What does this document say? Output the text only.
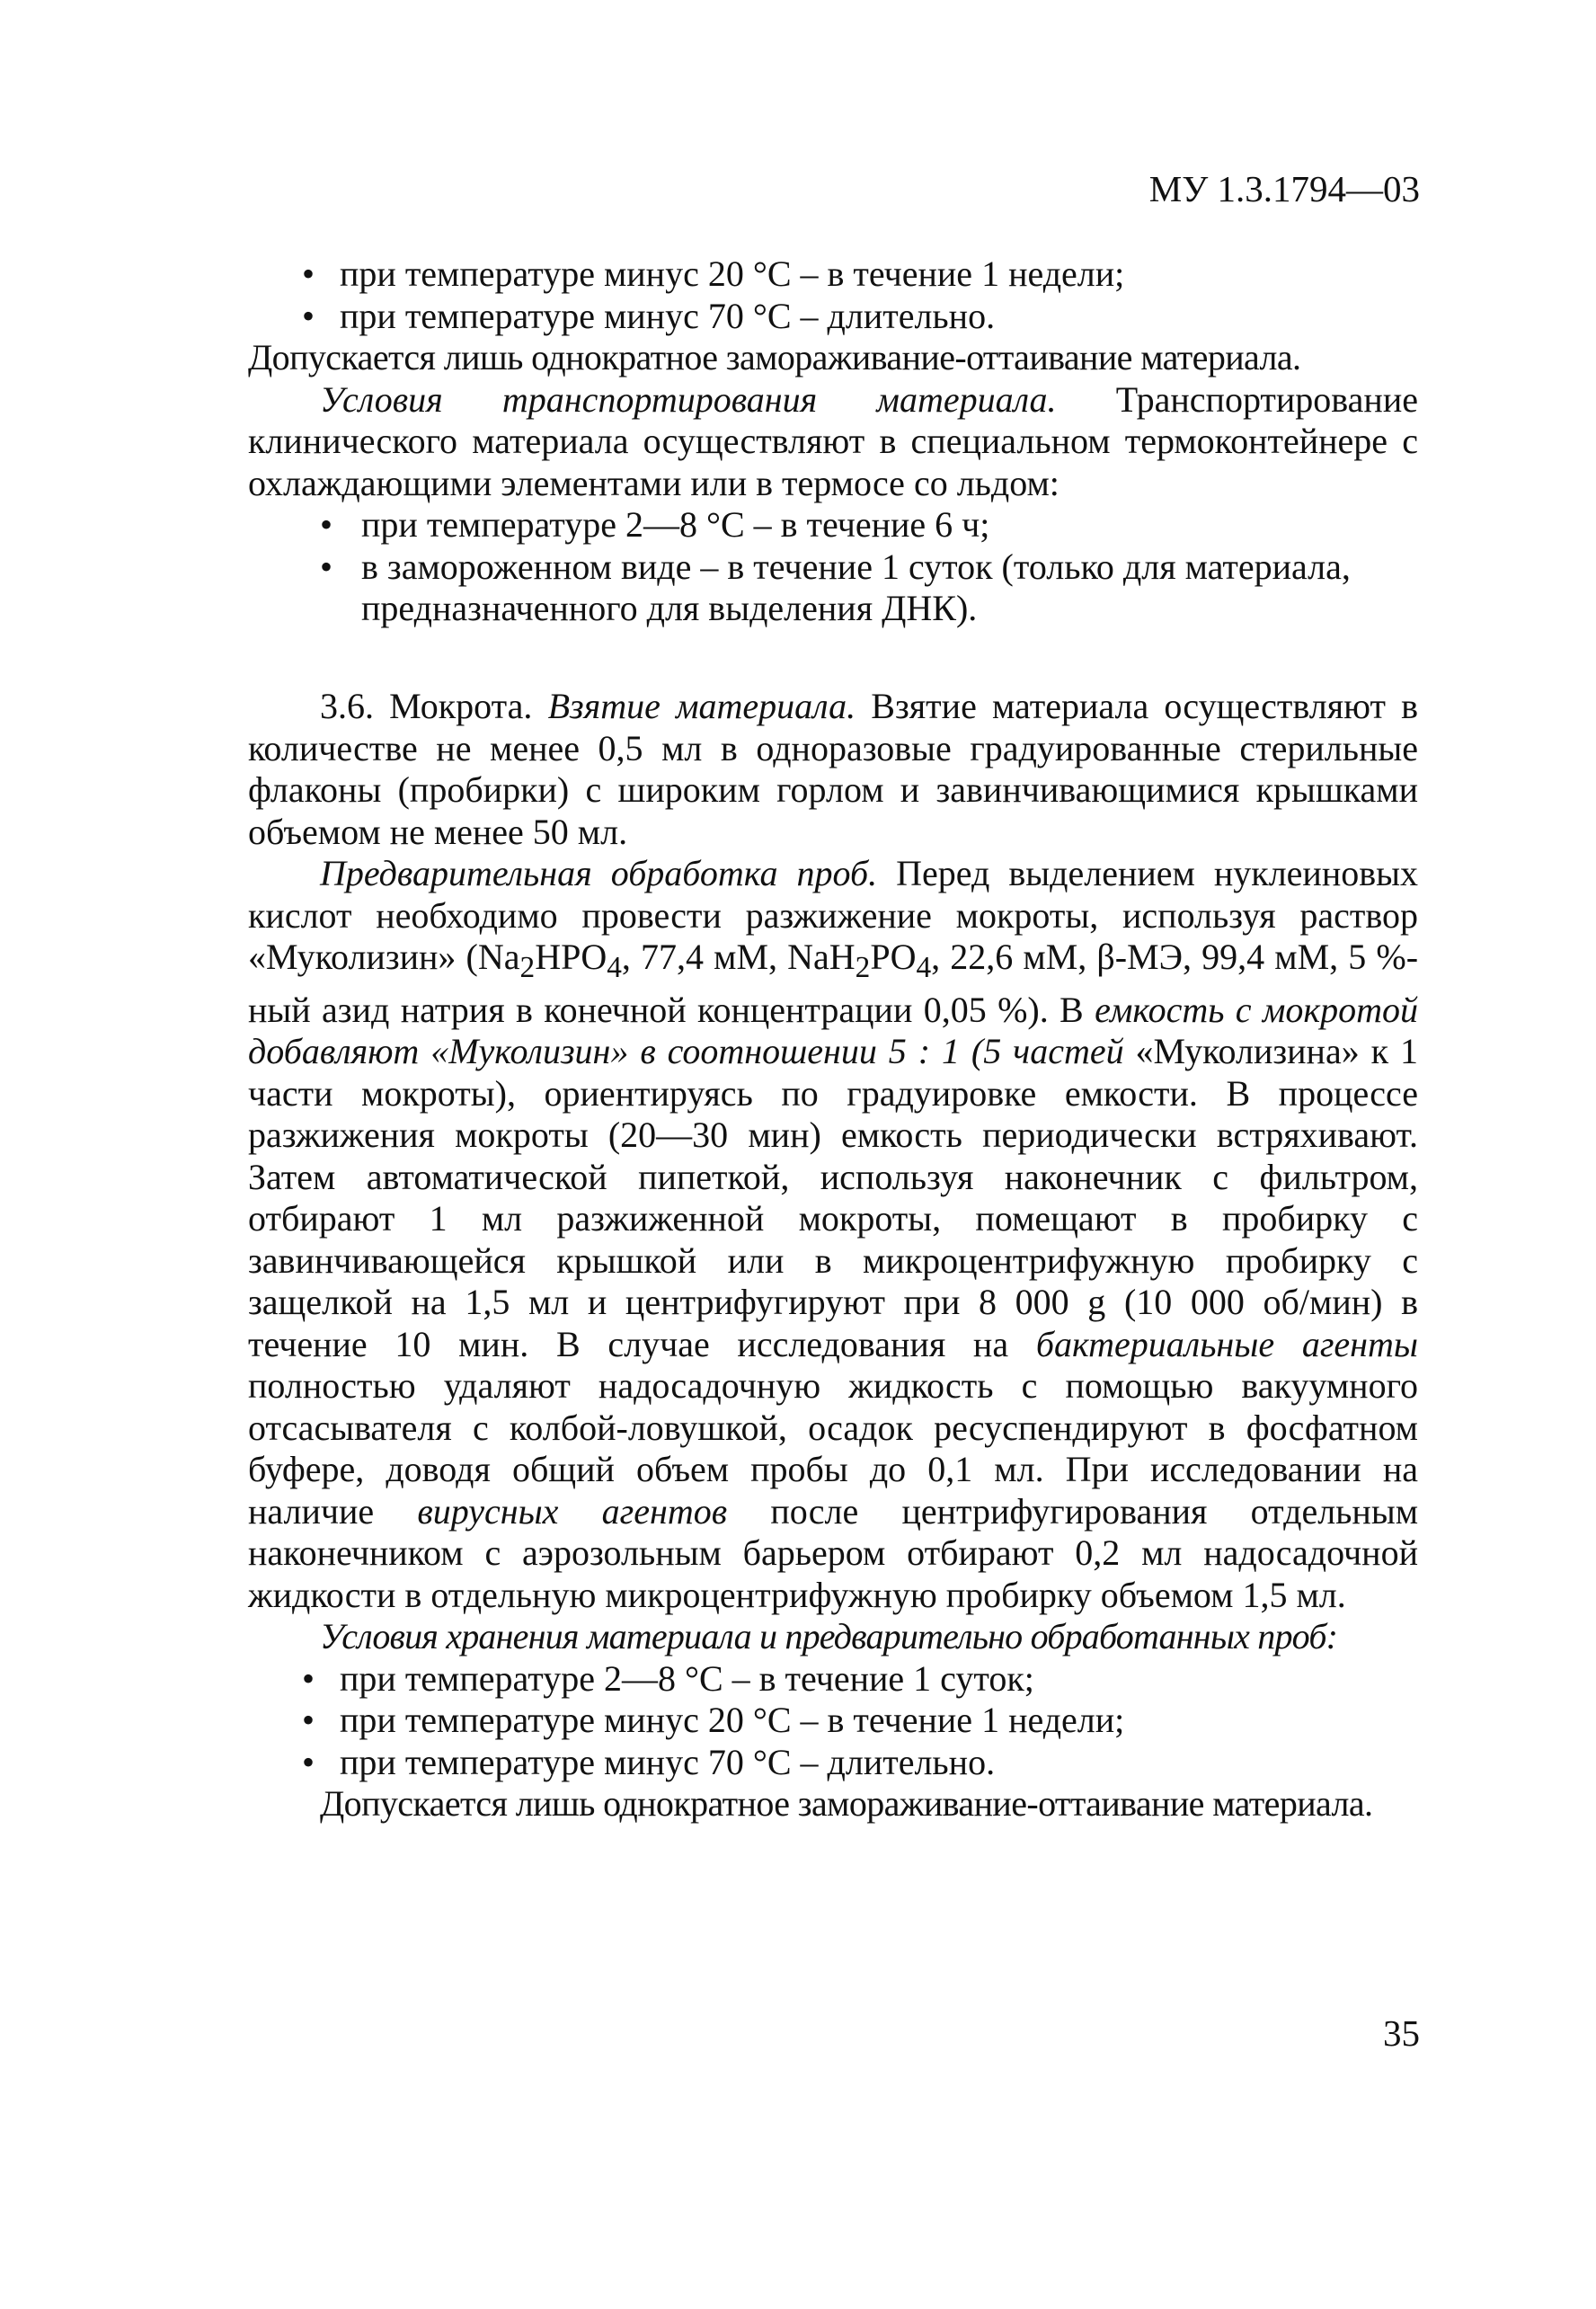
МУ 1.3.1794—03

• при температуре минус 20 °С – в течение 1 недели;

• при температуре минус 70 °С – длительно.

Допускается лишь однократное замораживание-оттаивание материала.

Условия транспортирования материала. Транспортирование клинического материала осуществляют в специальном термоконтейнере с охлаждающими элементами или в термосе со льдом:

• при температуре 2—8 °С – в течение 6 ч;

• в замороженном виде – в течение 1 суток (только для материала, предназначенного для выделения ДНК).

3.6. Мокрота. Взятие материала. Взятие материала осуществляют в количестве не менее 0,5 мл в одноразовые градуированные стерильные флаконы (пробирки) с широким горлом и завинчивающимися крышками объемом не менее 50 мл.

Предварительная обработка проб. Перед выделением нуклеиновых кислот необходимо провести разжижение мокроты, используя раствор «Муколизин» ($Na_2HPO_4$, 77,4 мМ, $NaH_2PO_4$, 22,6 мМ, β-МЭ, 99,4 мМ, 5 %-ный азид натрия в конечной концентрации 0,05 %). В емкость с мокротой добавляют «Муколизин» в соотношении 5 : 1 (5 частей «Муколизина» к 1 части мокроты), ориентируясь по градуировке емкости. В процессе разжижения мокроты (20—30 мин) емкость периодически встряхивают. Затем автоматической пипеткой, используя наконечник с фильтром, отбирают 1 мл разжиженной мокроты, помещают в пробирку с завинчивающейся крышкой или в микроцентрифужную пробирку с защелкой на 1,5 мл и центрифугируют при 8 000 g (10 000 об/мин) в течение 10 мин. В случае исследования на бактериальные агенты полностью удаляют надосадочную жидкость с помощью вакуумного отсасывателя с колбой-ловушкой, осадок ресуспендируют в фосфатном буфере, доводя общий объем пробы до 0,1 мл. При исследовании на наличие вирусных агентов после центрифугирования отдельным наконечником с аэрозольным барьером отбирают 0,2 мл надосадочной жидкости в отдельную микроцентрифужную пробирку объемом 1,5 мл.

Условия хранения материала и предварительно обработанных проб:

• при температуре 2—8 °С – в течение 1 суток;

• при температуре минус 20 °С – в течение 1 недели;

• при температуре минус 70 °С – длительно.

Допускается лишь однократное замораживание-оттаивание материала.

35
